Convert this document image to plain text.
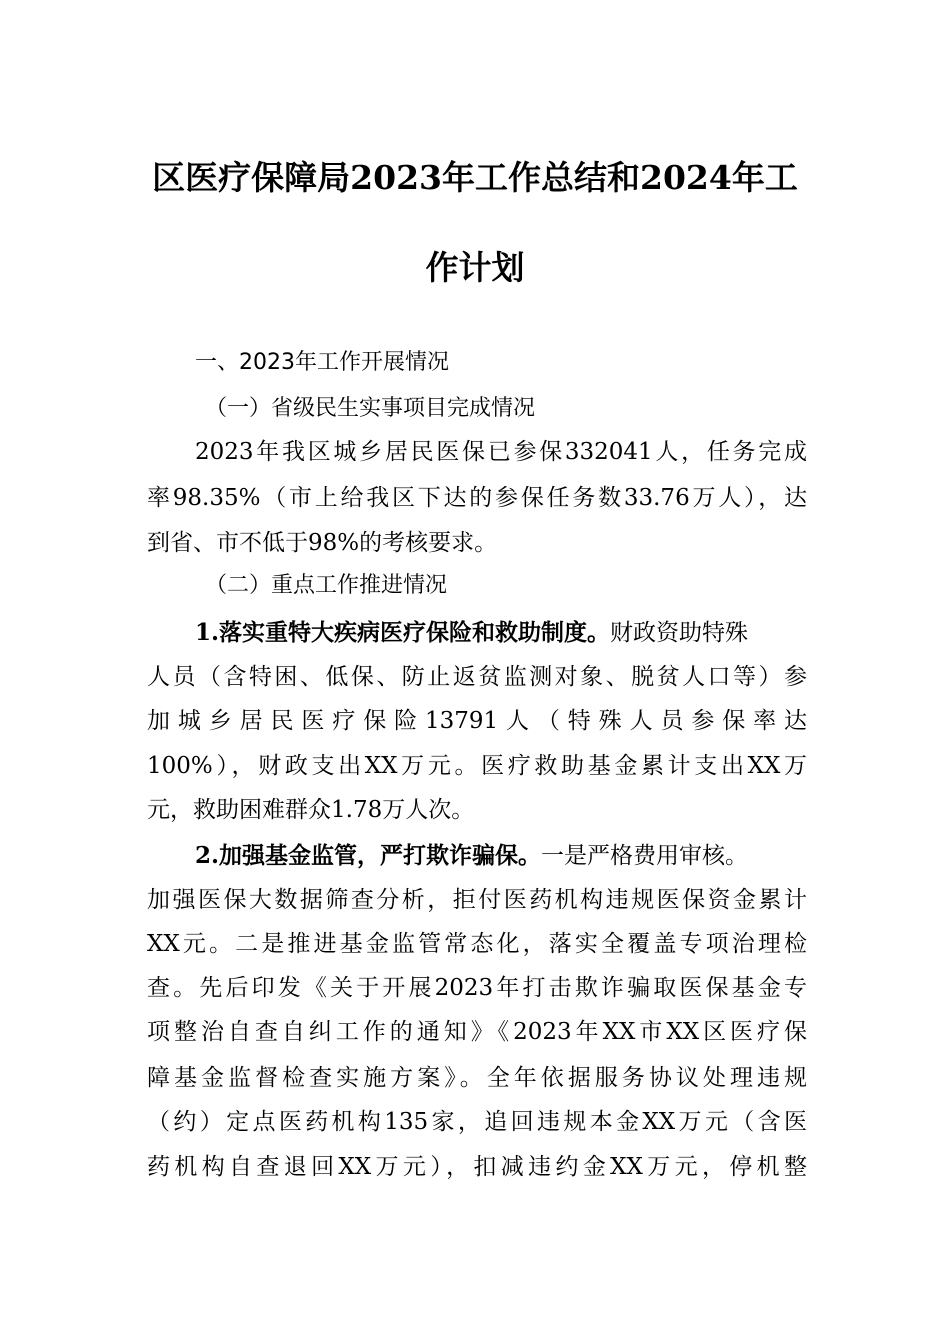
区医疗保障局2023年工作总结和2024年工
作计划

一、2023年工作开展情况

（一）省级民生实事项目完成情况

2023年我区城乡居民医保已参保332041人，任务完成

率98.35%（市上给我区下达的参保任务数33.76万人），达

到省、市不低于98%的考核要求。

（二）重点工作推进情况

1.落实重特大疾病医疗保险和救助制度。财政资助特殊

人员（含特困、低保、防止返贫监测对象、脱贫人口等）参

加城乡居民医疗保险13791人（特殊人员参保率达

100%），财政支出XX万元。医疗救助基金累计支出XX万

元，救助困难群众1.78万人次。

2.加强基金监管，严打欺诈骗保。一是严格费用审核。

加强医保大数据筛查分析，拒付医药机构违规医保资金累计

XX元。二是推进基金监管常态化，落实全覆盖专项治理检

查。先后印发《关于开展2023年打击欺诈骗取医保基金专

项整治自查自纠工作的通知》《2023年XX市XX区医疗保

障基金监督检查实施方案》。全年依据服务协议处理违规

（约）定点医药机构135家，追回违规本金XX万元（含医

药机构自查退回XX万元），扣减违约金XX万元，停机整
